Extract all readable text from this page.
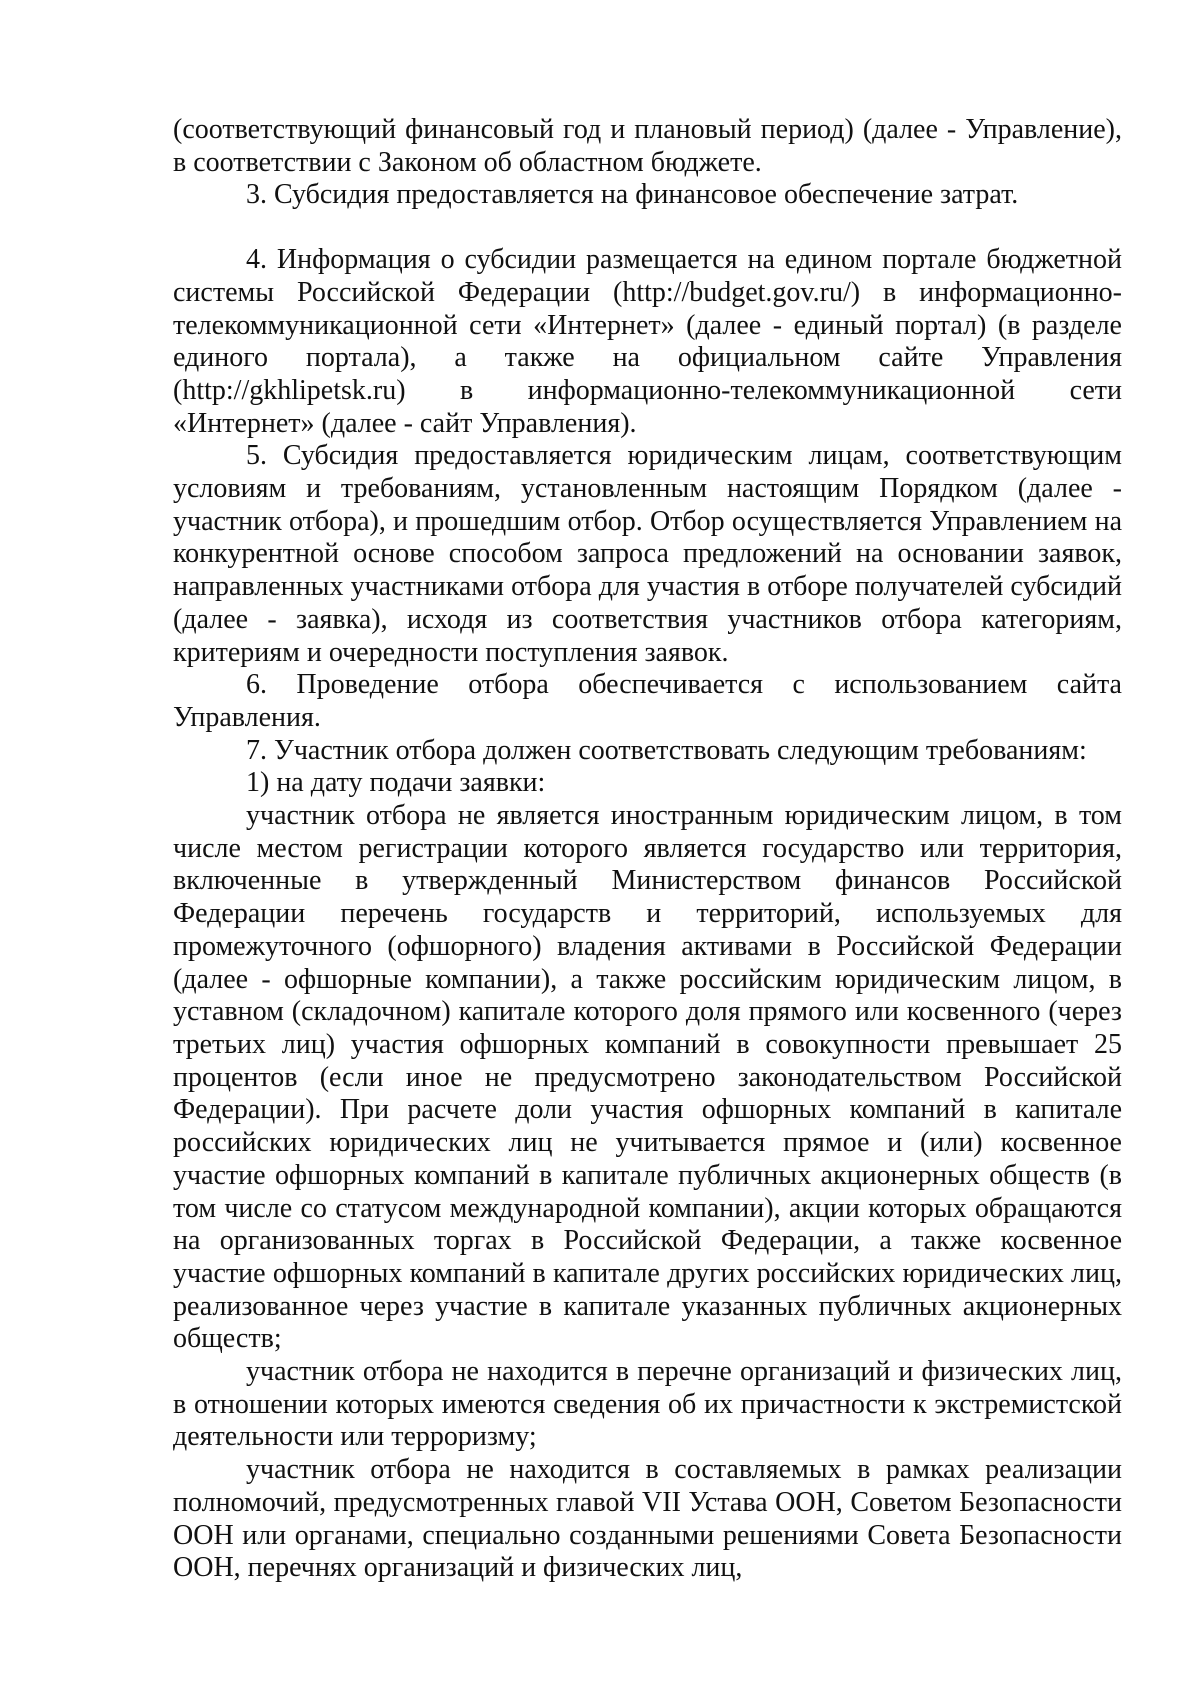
(соответствующий финансовый год и плановый период) (далее - Управление), в соответствии с Законом об областном бюджете.

3. Субсидия предоставляется на финансовое обеспечение затрат.

4. Информация о субсидии размещается на едином портале бюджетной системы Российской Федерации (http://budget.gov.ru/) в информационно-телекоммуникационной сети «Интернет» (далее - единый портал) (в разделе единого портала), а также на официальном сайте Управления (http://gkhlipetsk.ru) в информационно-телекоммуникационной сети «Интернет» (далее - сайт Управления).

5. Субсидия предоставляется юридическим лицам, соответствующим условиям и требованиям, установленным настоящим Порядком (далее - участник отбора), и прошедшим отбор. Отбор осуществляется Управлением на конкурентной основе способом запроса предложений на основании заявок, направленных участниками отбора для участия в отборе получателей субсидий (далее - заявка), исходя из соответствия участников отбора категориям, критериям и очередности поступления заявок.

6. Проведение отбора обеспечивается с использованием сайта Управления.

7. Участник отбора должен соответствовать следующим требованиям:

1) на дату подачи заявки:

участник отбора не является иностранным юридическим лицом, в том числе местом регистрации которого является государство или территория, включенные в утвержденный Министерством финансов Российской Федерации перечень государств и территорий, используемых для промежуточного (офшорного) владения активами в Российской Федерации (далее - офшорные компании), а также российским юридическим лицом, в уставном (складочном) капитале которого доля прямого или косвенного (через третьих лиц) участия офшорных компаний в совокупности превышает 25 процентов (если иное не предусмотрено законодательством Российской Федерации). При расчете доли участия офшорных компаний в капитале российских юридических лиц не учитывается прямое и (или) косвенное участие офшорных компаний в капитале публичных акционерных обществ (в том числе со статусом международной компании), акции которых обращаются на организованных торгах в Российской Федерации, а также косвенное участие офшорных компаний в капитале других российских юридических лиц, реализованное через участие в капитале указанных публичных акционерных обществ;

участник отбора не находится в перечне организаций и физических лиц, в отношении которых имеются сведения об их причастности к экстремистской деятельности или терроризму;

участник отбора не находится в составляемых в рамках реализации полномочий, предусмотренных главой VII Устава ООН, Советом Безопасности ООН или органами, специально созданными решениями Совета Безопасности ООН, перечнях организаций и физических лиц,
